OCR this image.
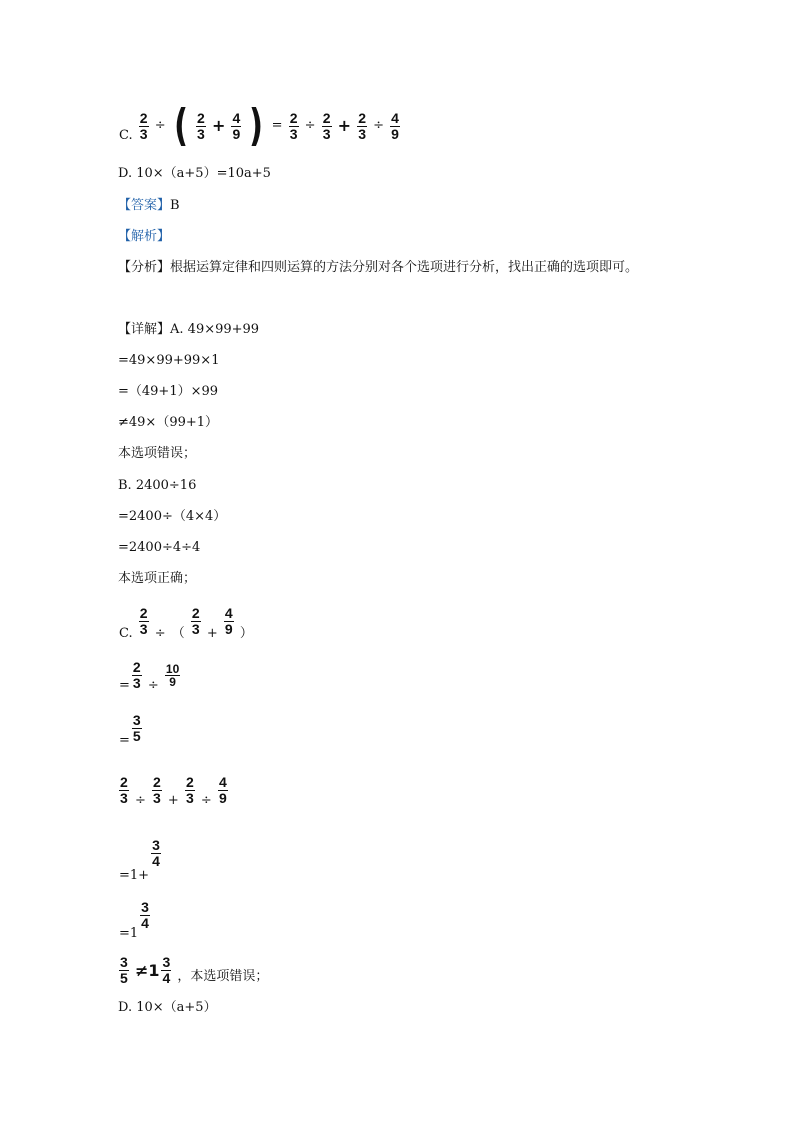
C. $\frac{2}{3}$ ÷ ( $\frac{2}{3} + \frac{4}{9}$ ) = $\frac{2}{3} \div \frac{2}{3} + \frac{2}{3} \div \frac{4}{9}$
D. 10×（a+5）=10a+5
【答案】B
【解析】
【分析】根据运算定律和四则运算的方法分别对各个选项进行分析，找出正确的选项即可。
【详解】A. 49×99+99
=49×99+99×1
=（49+1）×99
≠49×（99+1）
本选项错误；
B. 2400÷16
=2400÷（4×4）
=2400÷4÷4
本选项正确；
C. $\frac{2}{3}$ ÷ （ $\frac{2}{3} + \frac{4}{9}$ ）
= $\frac{2}{3} \div \frac{10}{9}$
= $\frac{3}{5}$
$\frac{2}{3} \div \frac{2}{3} + \frac{2}{3} \div \frac{4}{9}$
=1+
$\frac{3}{4}$
=1
$\frac{3}{4}$
$\frac{3}{5} \ne 1 \frac{3}{4}$ ，本选项错误；
D. 10×（a+5）
